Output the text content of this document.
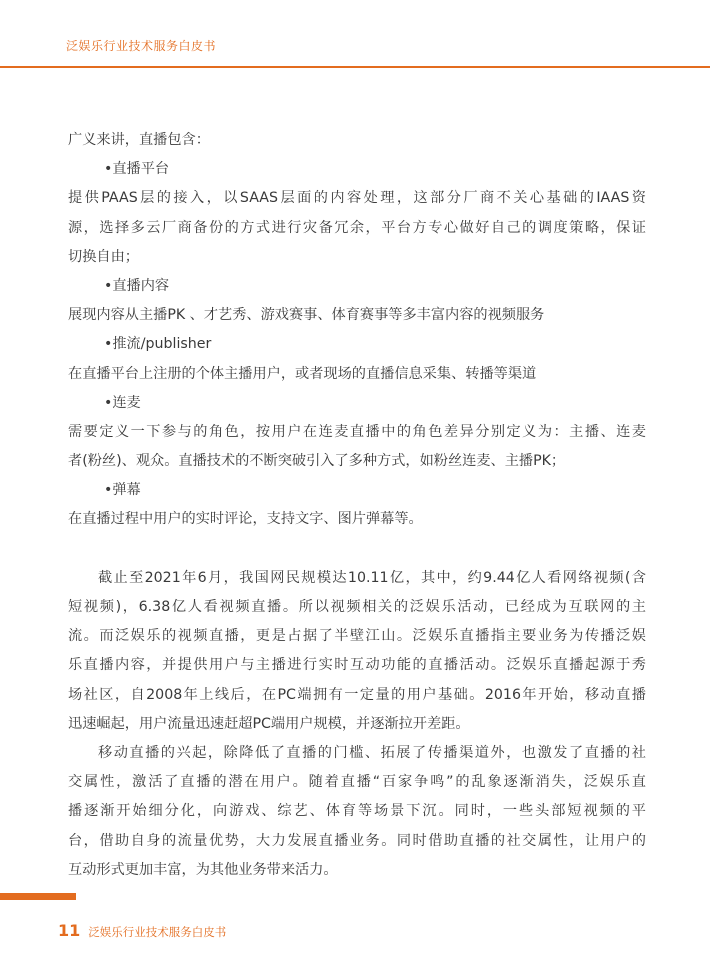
泛娱乐行业技术服务白皮书
广义来讲，直播包含：
•直播平台
提供PAAS层的接入，以SAAS层面的内容处理，这部分厂商不关心基础的IAAS资
源，选择多云厂商备份的方式进行灾备冗余，平台方专心做好自己的调度策略，保证
切换自由；
•直播内容
展现内容从主播PK 、才艺秀、游戏赛事、体育赛事等多丰富内容的视频服务
•推流/publisher
在直播平台上注册的个体主播用户，或者现场的直播信息采集、转播等渠道
•连麦
需要定义一下参与的角色，按用户在连麦直播中的角色差异分别定义为：主播、连麦
者(粉丝)、观众。直播技术的不断突破引入了多种方式，如粉丝连麦、主播PK；
•弹幕
在直播过程中用户的实时评论，支持文字、图片弹幕等。
截止至2021年6月，我国网民规模达10.11亿，其中，约9.44亿人看网络视频(含
短视频)，6.38亿人看视频直播。所以视频相关的泛娱乐活动，已经成为互联网的主
流。而泛娱乐的视频直播，更是占据了半壁江山。泛娱乐直播指主要业务为传播泛娱
乐直播内容，并提供用户与主播进行实时互动功能的直播活动。泛娱乐直播起源于秀
场社区，自2008年上线后，在PC端拥有一定量的用户基础。2016年开始，移动直播
迅速崛起，用户流量迅速赶超PC端用户规模，并逐渐拉开差距。
移动直播的兴起，除降低了直播的门槛、拓展了传播渠道外，也激发了直播的社
交属性，激活了直播的潜在用户。随着直播“百家争鸣”的乱象逐渐消失，泛娱乐直
播逐渐开始细分化，向游戏、综艺、体育等场景下沉。同时，一些头部短视频的平
台，借助自身的流量优势，大力发展直播业务。同时借助直播的社交属性，让用户的
互动形式更加丰富，为其他业务带来活力。
11 泛娱乐行业技术服务白皮书
